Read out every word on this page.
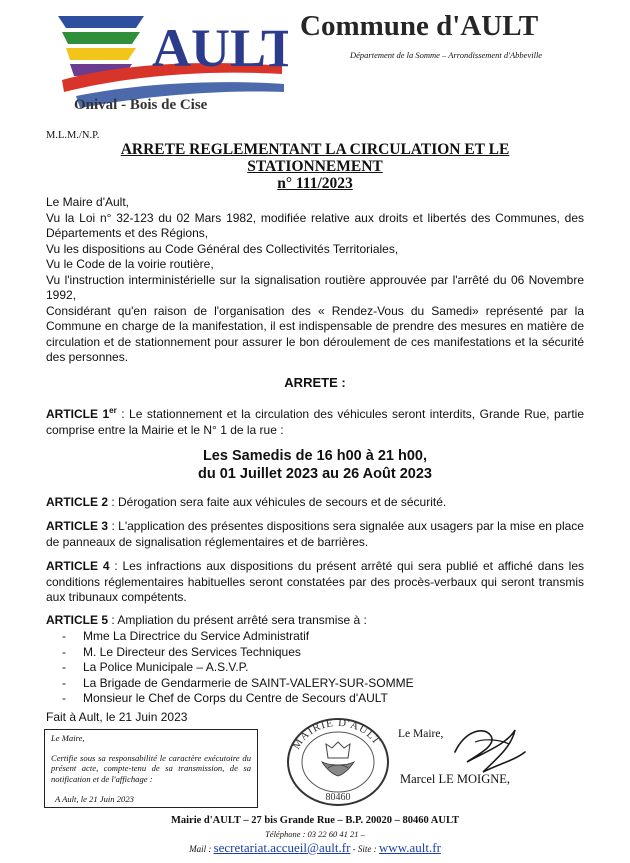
AULT
Onival - Bois de Cise
Commune d'AULT
Département de la Somme – Arrondissement d'Abbeville
M.L.M./N.P.
ARRETE REGLEMENTANT LA CIRCULATION ET LE
STATIONNEMENT
n° 111/2023
Le Maire d'Ault,
Vu la Loi n° 32-123 du 02 Mars 1982, modifiée relative aux droits et libertés des Communes, des Départements et des Régions,
Vu les dispositions au Code Général des Collectivités Territoriales,
Vu le Code de la voirie routière,
Vu l'instruction interministérielle sur la signalisation routière approuvée par l'arrêté du 06 Novembre 1992,
Considérant qu'en raison de l'organisation des « Rendez-Vous du Samedi» représenté par la Commune en charge de la manifestation, il est indispensable de prendre des mesures en matière de circulation et de stationnement pour assurer le bon déroulement de ces manifestations et la sécurité des personnes.
ARRETE :
ARTICLE 1er : Le stationnement et la circulation des véhicules seront interdits, Grande Rue, partie comprise entre la Mairie et le N° 1 de la rue :
Les Samedis de 16 h00 à 21 h00,
du 01 Juillet 2023 au 26 Août 2023
ARTICLE 2 : Dérogation sera faite aux véhicules de secours et de sécurité.
ARTICLE 3 : L'application des présentes dispositions sera signalée aux usagers par la mise en place de panneaux de signalisation réglementaires et de barrières.
ARTICLE 4 : Les infractions aux dispositions du présent arrêté qui sera publié et affiché dans les conditions réglementaires habituelles seront constatées par des procès-verbaux qui seront transmis aux tribunaux compétents.
ARTICLE 5 : Ampliation du présent arrêté sera transmise à :
- Mme La Directrice du Service Administratif
- M. Le Directeur des Services Techniques
- La Police Municipale – A.S.V.P.
- La Brigade de Gendarmerie de SAINT-VALERY-SUR-SOMME
- Monsieur le Chef de Corps du Centre de Secours d'AULT
Fait à Ault, le 21 Juin 2023

Le Maire,

Certifie sous sa responsabilité le caractère exécutoire du présent acte, compte-tenu de sa transmission, de sa notification et de l'affichage :

A Ault, le 21 Juin 2023
MAIRIE D'AULT
80460
Le Maire,
Marcel LE MOIGNE,
Mairie d'AULT – 27 bis Grande Rue – B.P. 20020 – 80460 AULT
Téléphone : 03 22 60 41 21 –
Mail : secretariat.accueil@ault.fr - Site : www.ault.fr
